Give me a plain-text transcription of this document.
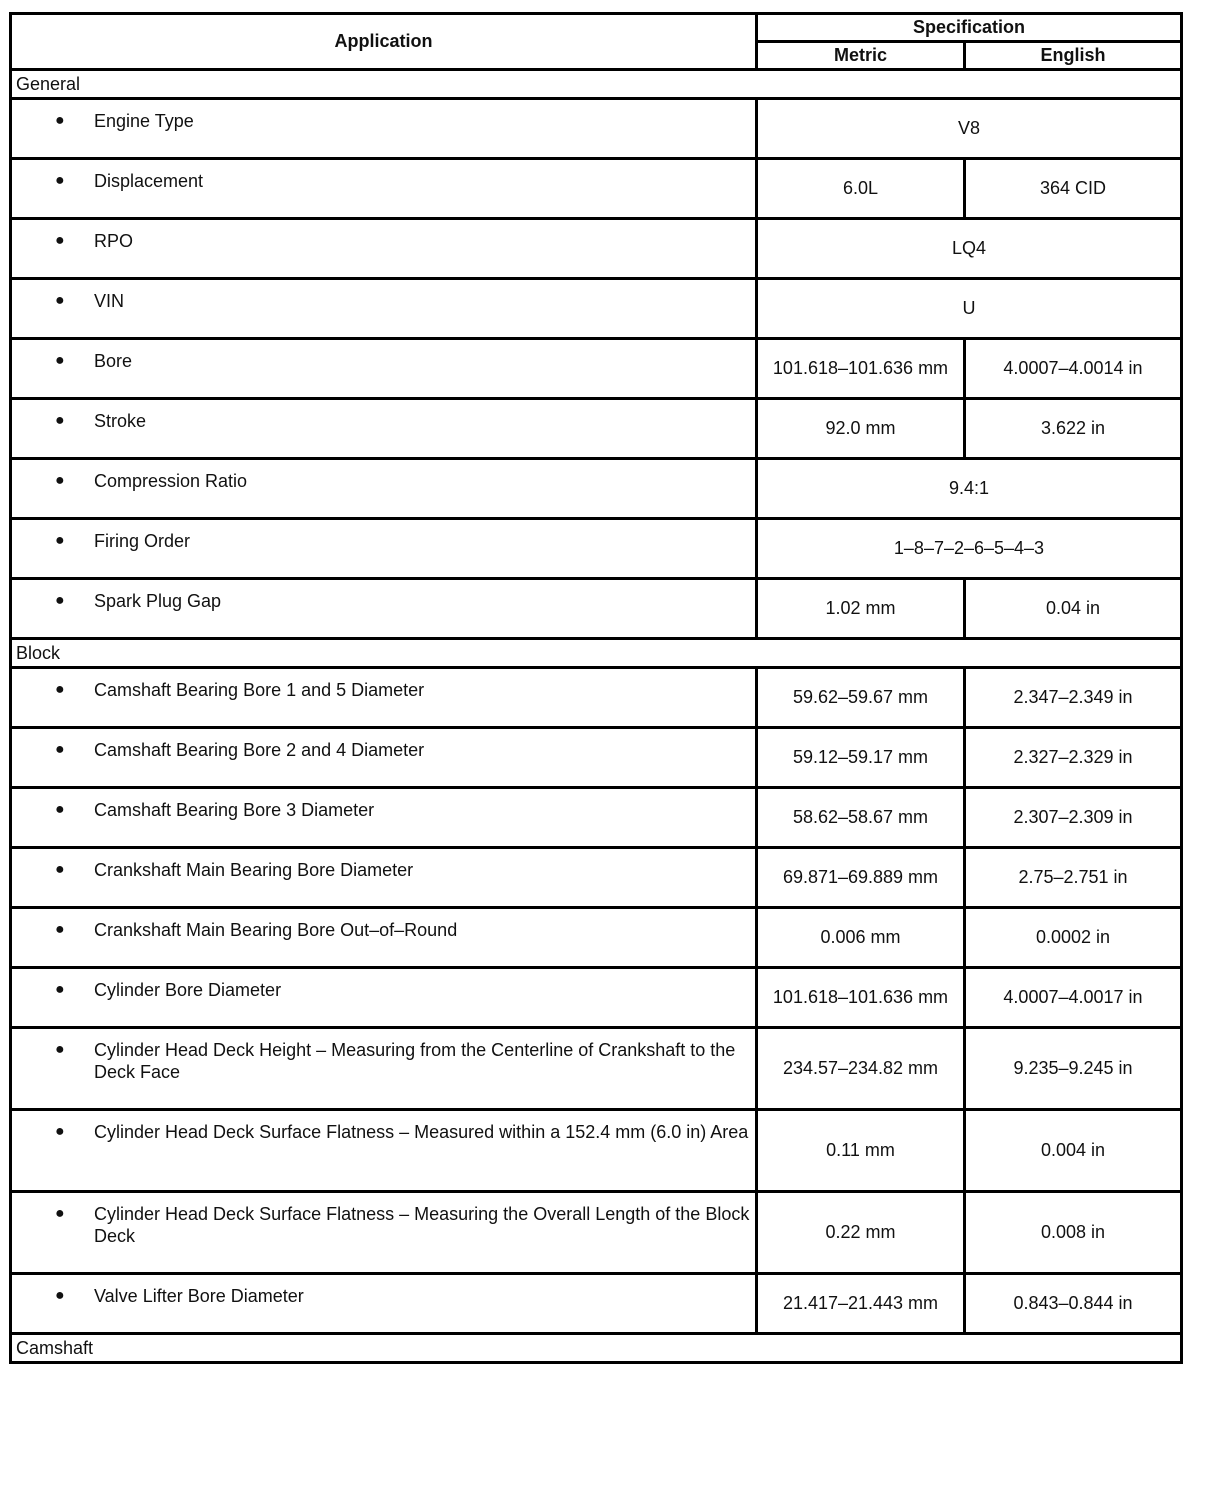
Application	Specification	
	Metric	English
General		

● Engine Type	V8	

● Displacement	6.0L	364 CID

● RPO	LQ4	

● VIN	U	

● Bore	101.618–101.636 mm	4.0007–4.0014 in

● Stroke	92.0 mm	3.622 in

● Compression Ratio	9.4:1	

● Firing Order	1–8–7–2–6–5–4–3	

● Spark Plug Gap	1.02 mm	0.04 in
Block		

● Camshaft Bearing Bore 1 and 5 Diameter	59.62–59.67 mm	2.347–2.349 in

● Camshaft Bearing Bore 2 and 4 Diameter	59.12–59.17 mm	2.327–2.329 in

● Camshaft Bearing Bore 3 Diameter	58.62–58.67 mm	2.307–2.309 in

● Crankshaft Main Bearing Bore Diameter	69.871–69.889 mm	2.75–2.751 in

● Crankshaft Main Bearing Bore Out–of–Round	0.006 mm	0.0002 in

● Cylinder Bore Diameter	101.618–101.636 mm	4.0007–4.0017 in

● Cylinder Head Deck Height – Measuring from the Centerline of Crankshaft to the Deck Face	234.57–234.82 mm	9.235–9.245 in

● Cylinder Head Deck Surface Flatness – Measured within a 152.4 mm (6.0 in) Area	0.11 mm	0.004 in

● Cylinder Head Deck Surface Flatness – Measuring the Overall Length of the Block Deck	0.22 mm	0.008 in

● Valve Lifter Bore Diameter	21.417–21.443 mm	0.843–0.844 in
Camshaft		
